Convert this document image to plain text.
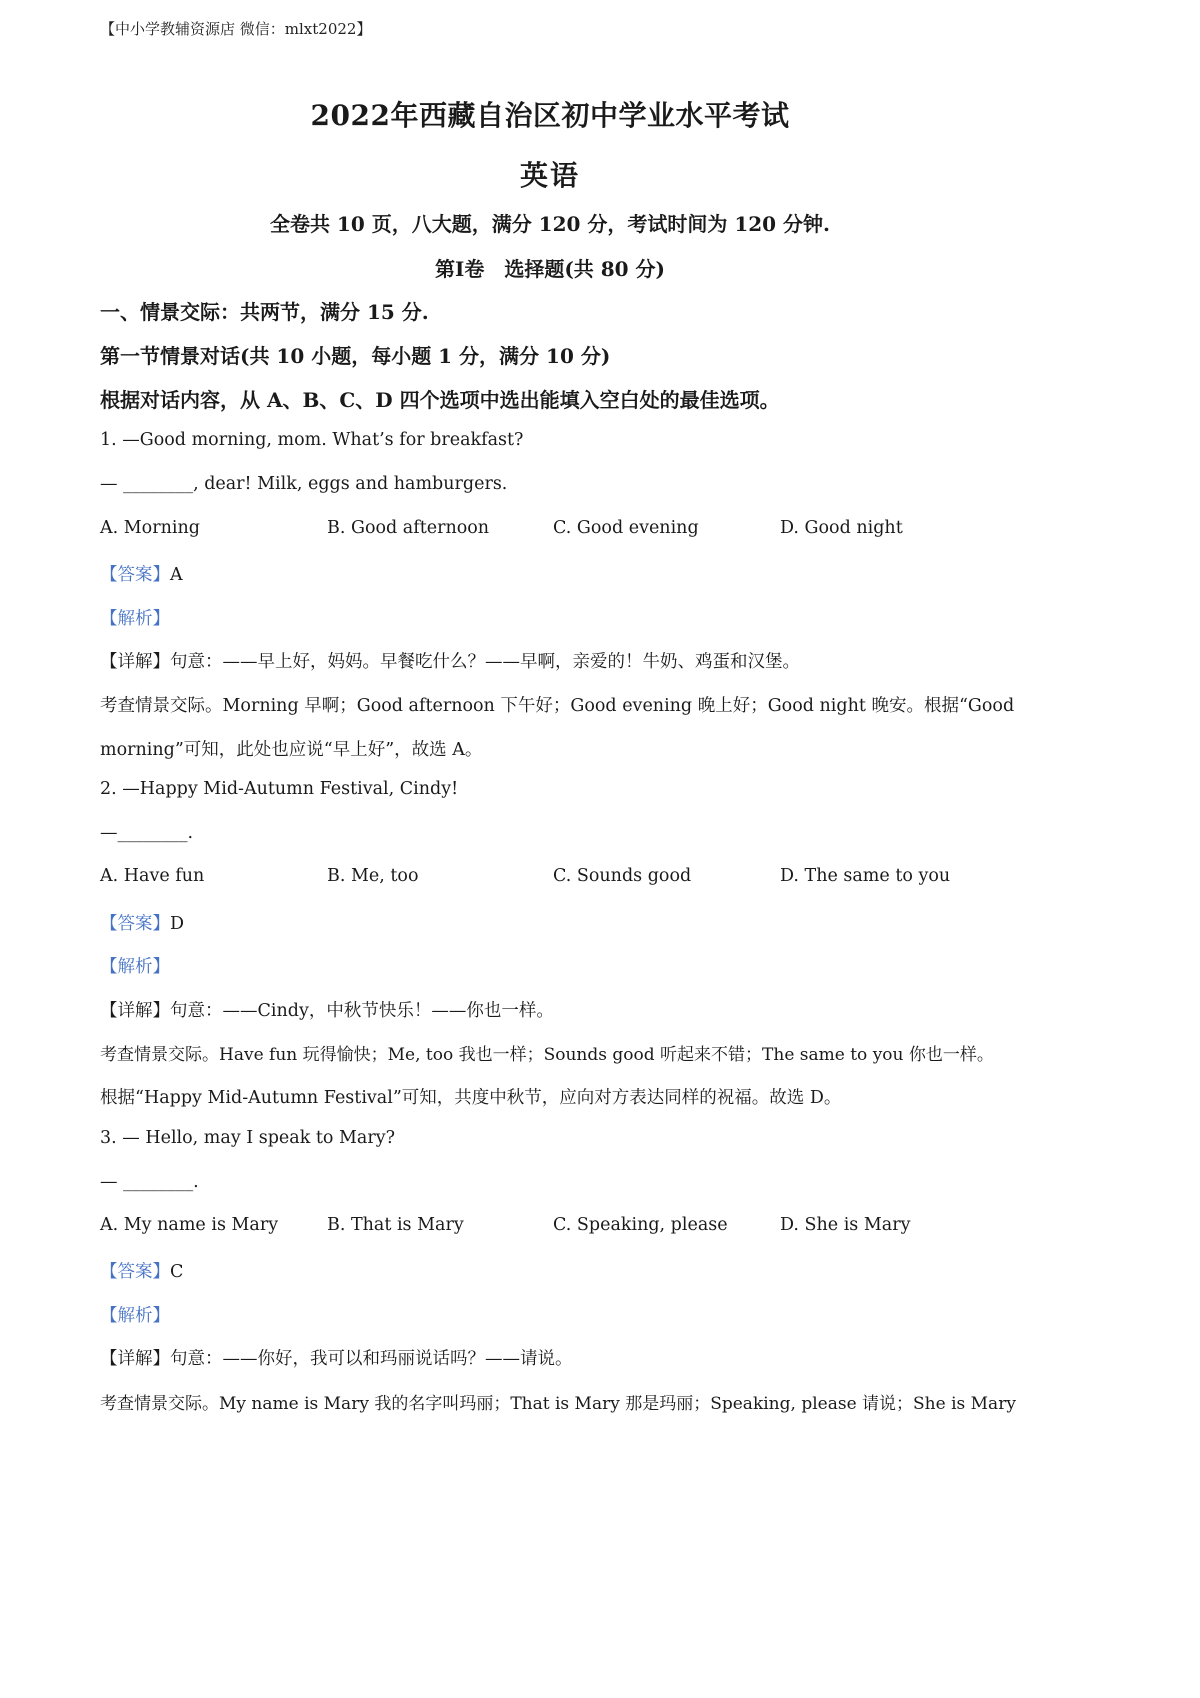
【中小学教辅资源店 微信：mlxt2022】
2022年西藏自治区初中学业水平考试
英语
全卷共 10 页，八大题，满分 120 分，考试时间为 120 分钟.
第Ⅰ卷　选择题(共 80 分)
一、情景交际：共两节，满分 15 分.
第一节情景对话(共 10 小题，每小题 1 分，满分 10 分)
根据对话内容，从 A、B、C、D 四个选项中选出能填入空白处的最佳选项。
1. —Good morning, mom. What’s for breakfast?
— ________, dear! Milk, eggs and hamburgers.
A. Morning	B. Good afternoon	C. Good evening	D. Good night
【答案】A
【解析】
【详解】句意：——早上好，妈妈。早餐吃什么？——早啊，亲爱的！牛奶、鸡蛋和汉堡。
考查情景交际。Morning 早啊；Good afternoon 下午好；Good evening 晚上好；Good night 晚安。根据“Good
morning”可知，此处也应说“早上好”，故选 A。
2. —Happy Mid-Autumn Festival, Cindy!
—________.
A. Have fun	B. Me, too	C. Sounds good	D. The same to you
【答案】D
【解析】
【详解】句意：——Cindy，中秋节快乐！——你也一样。
考查情景交际。Have fun 玩得愉快；Me, too 我也一样；Sounds good 听起来不错；The same to you 你也一样。
根据“Happy Mid-Autumn Festival”可知，共度中秋节，应向对方表达同样的祝福。故选 D。
3. — Hello, may I speak to Mary?
— ________.
A. My name is Mary	B. That is Mary	C. Speaking, please	D. She is Mary
【答案】C
【解析】
【详解】句意：——你好，我可以和玛丽说话吗？——请说。
考查情景交际。My name is Mary 我的名字叫玛丽；That is Mary 那是玛丽；Speaking, please 请说；She is Mary
